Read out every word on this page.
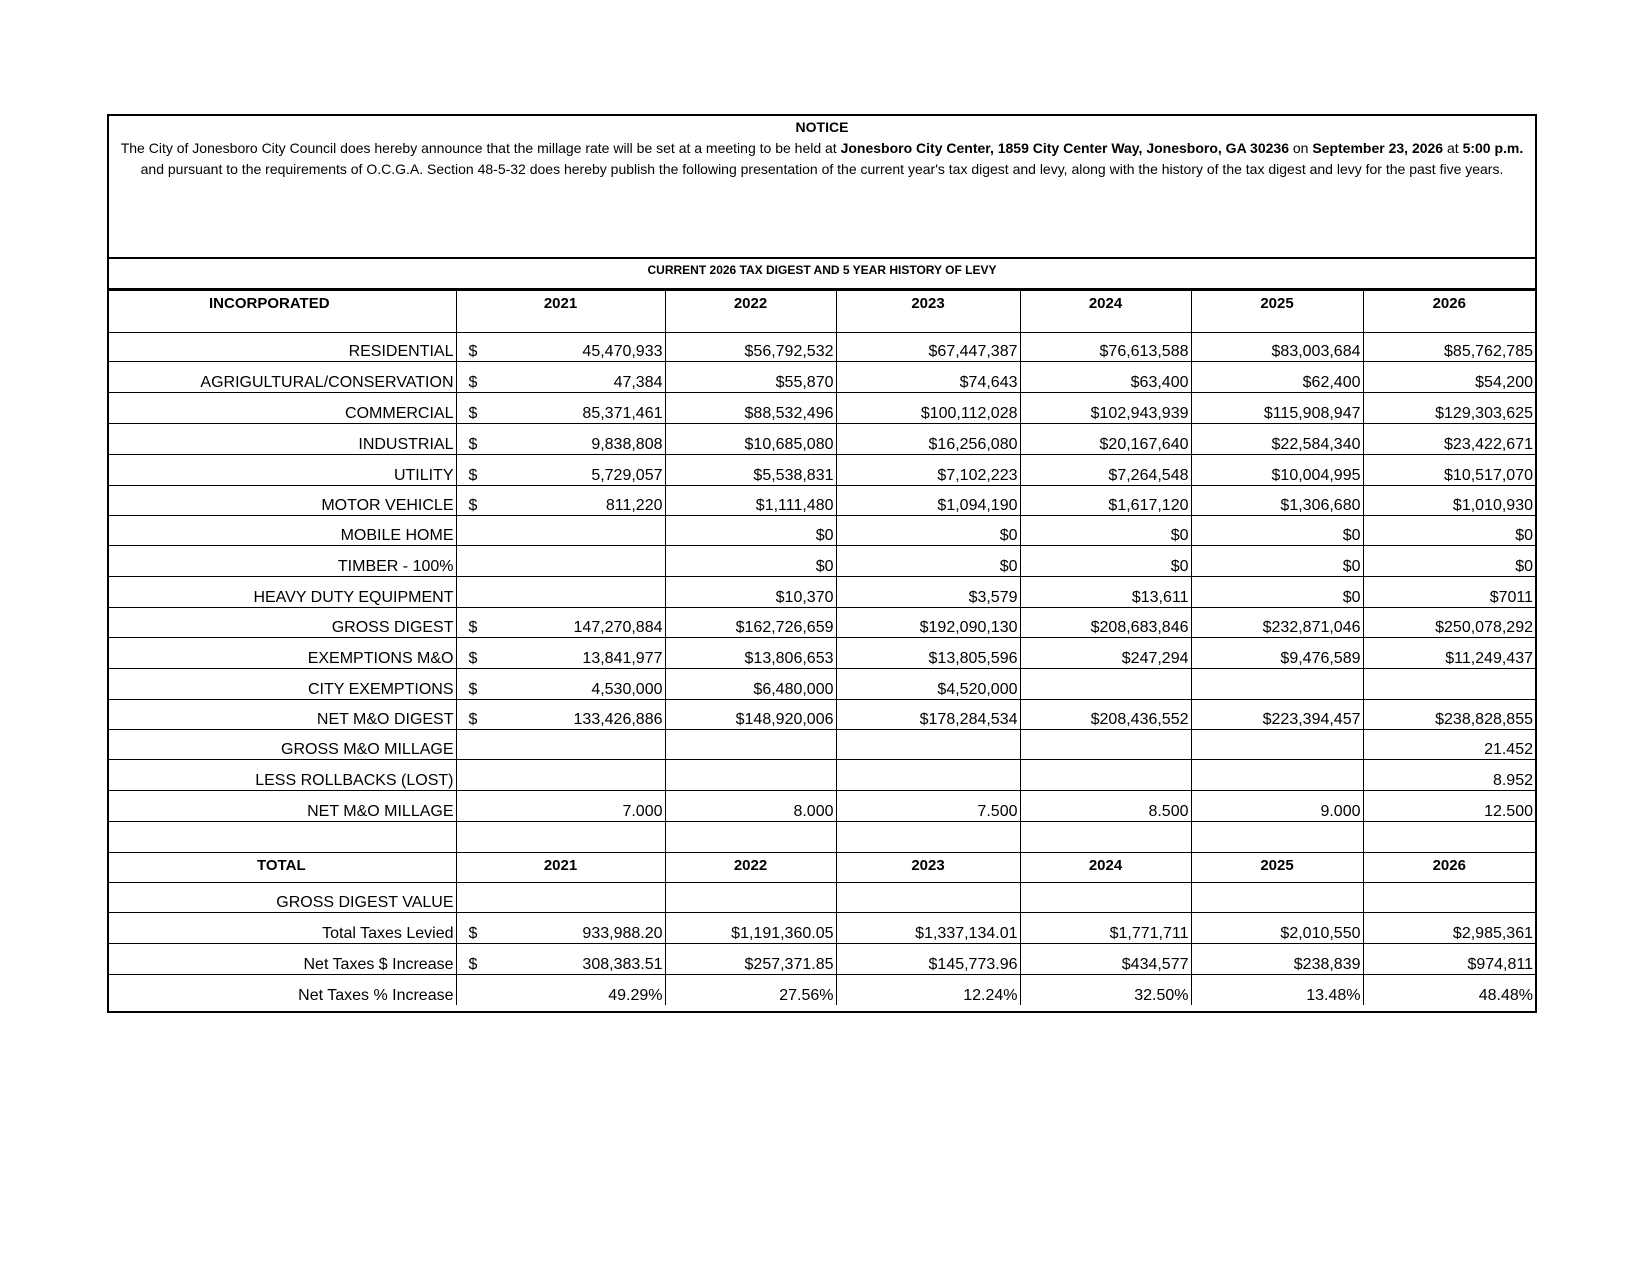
NOTICE
The City of Jonesboro City Council does hereby announce that the millage rate will be set at a meeting to be held at Jonesboro City Center, 1859 City Center Way, Jonesboro, GA 30236 on September 23, 2026 at 5:00 p.m. and pursuant to the requirements of O.C.G.A. Section 48-5-32 does hereby publish the following presentation of the current year's tax digest and levy, along with the history of the tax digest and levy for the past five years.
CURRENT 2026 TAX DIGEST AND 5 YEAR HISTORY OF LEVY
INCORPORATED	2021	2022	2023	2024	2025	2026
RESIDENTIAL	$ 45,470,933	$56,792,532	$67,447,387	$76,613,588	$83,003,684	$85,762,785
AGRIGULTURAL/CONSERVATION	$ 47,384	$55,870	$74,643	$63,400	$62,400	$54,200
COMMERCIAL	$ 85,371,461	$88,532,496	$100,112,028	$102,943,939	$115,908,947	$129,303,625
INDUSTRIAL	$ 9,838,808	$10,685,080	$16,256,080	$20,167,640	$22,584,340	$23,422,671
UTILITY	$ 5,729,057	$5,538,831	$7,102,223	$7,264,548	$10,004,995	$10,517,070
MOTOR VEHICLE	$ 811,220	$1,111,480	$1,094,190	$1,617,120	$1,306,680	$1,010,930
MOBILE HOME		$0	$0	$0	$0	$0
TIMBER - 100%		$0	$0	$0	$0	$0
HEAVY DUTY EQUIPMENT		$10,370	$3,579	$13,611	$0	$7011
GROSS DIGEST	$ 147,270,884	$162,726,659	$192,090,130	$208,683,846	$232,871,046	$250,078,292
EXEMPTIONS M&O	$ 13,841,977	$13,806,653	$13,805,596	$247,294	$9,476,589	$11,249,437
CITY EXEMPTIONS	$ 4,530,000	$6,480,000	$4,520,000			
NET M&O DIGEST	$ 133,426,886	$148,920,006	$178,284,534	$208,436,552	$223,394,457	$238,828,855
GROSS M&O MILLAGE						21.452
LESS ROLLBACKS (LOST)						8.952
NET M&O MILLAGE	7.000	8.000	7.500	8.500	9.000	12.500

TOTAL	2021	2022	2023	2024	2025	2026
GROSS DIGEST VALUE						
Total Taxes Levied	$ 933,988.20	$1,191,360.05	$1,337,134.01	$1,771,711	$2,010,550	$2,985,361
Net Taxes $ Increase	$ 308,383.51	$257,371.85	$145,773.96	$434,577	$238,839	$974,811
Net Taxes % Increase	49.29%	27.56%	12.24%	32.50%	13.48%	48.48%
